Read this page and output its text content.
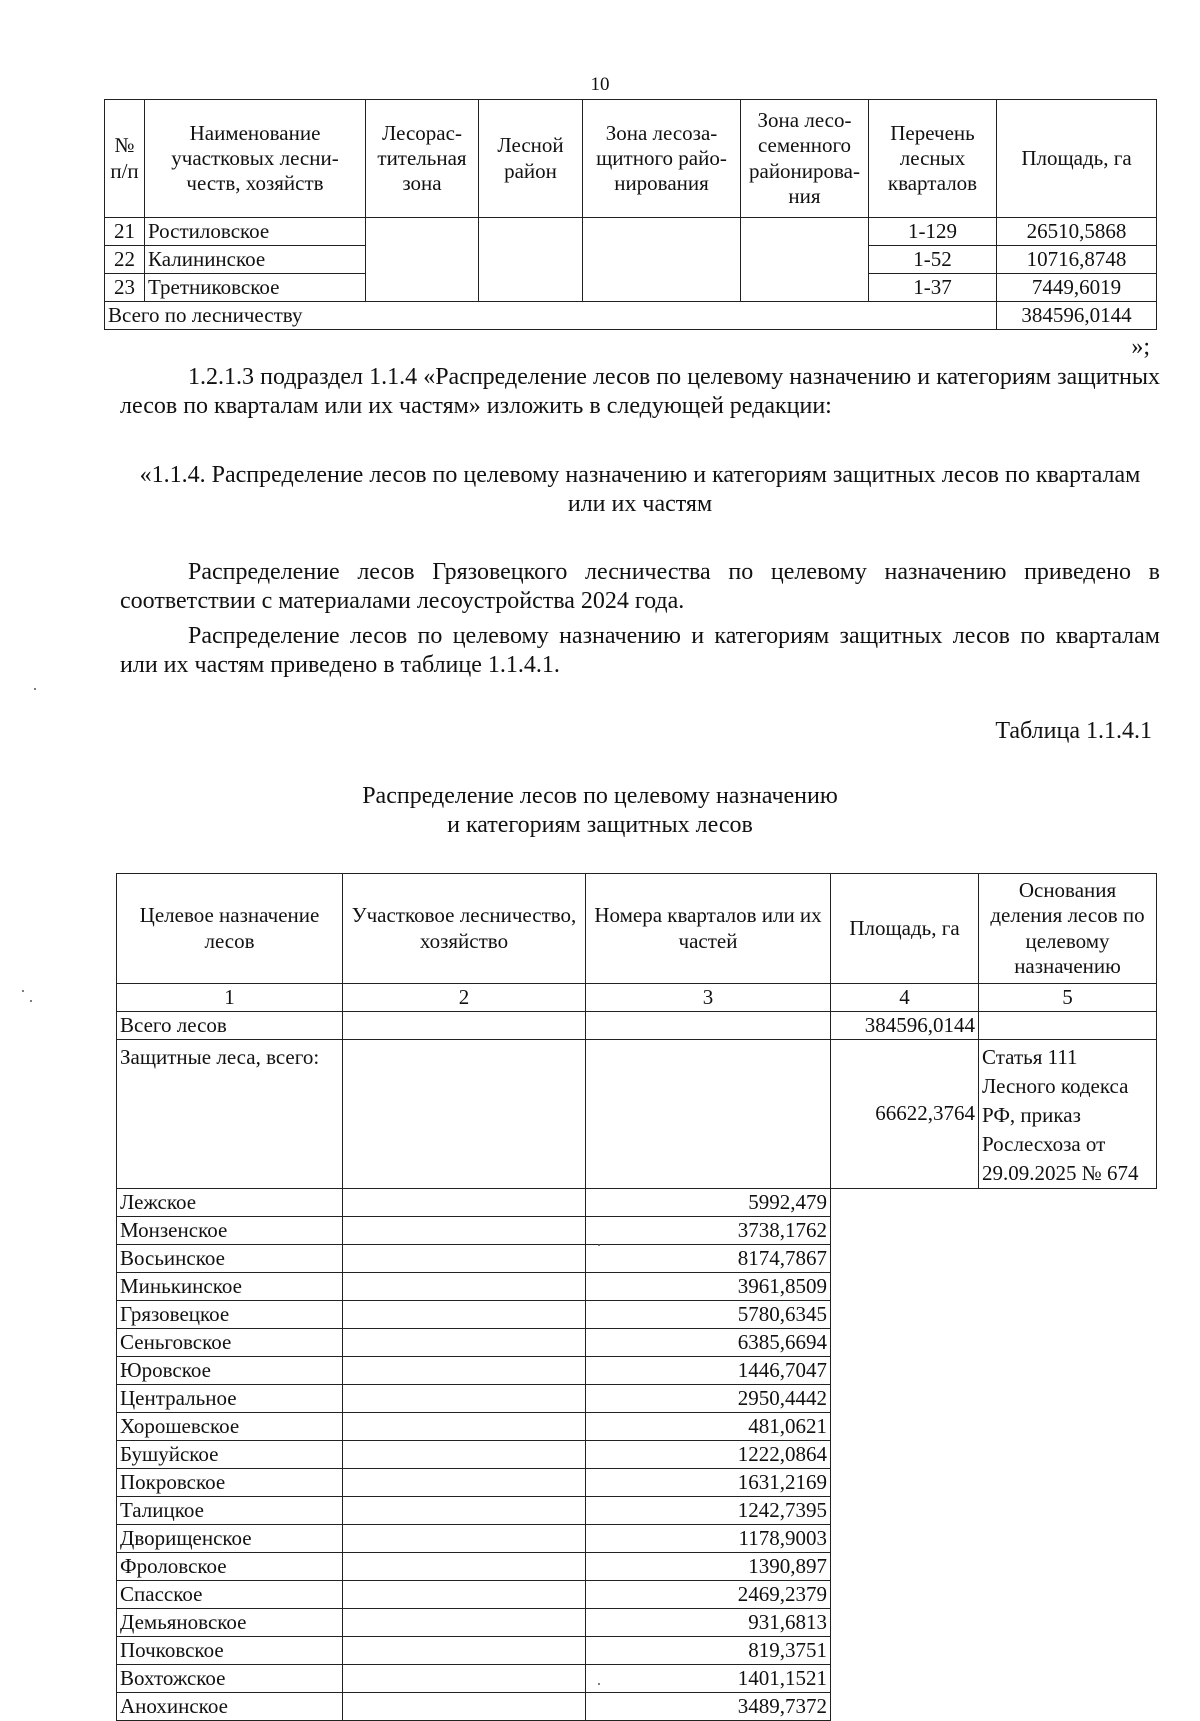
10
№ п/п	Наименование участковых лесни-честв, хозяйств	Лесорас-тительная зона	Лесной район	Зона лесоза-щитного райо-нирования	Зона лесо-семенного районирова-ния	Перечень лесных кварталов	Площадь, га
21	Ростиловское					1-129	26510,5868
22	Калининское					1-52	10716,8748
23	Третниковское					1-37	7449,6019
Всего по лесничеству							384596,0144
»;
1.2.1.3 подраздел 1.1.4 «Распределение лесов по целевому назначению и категориям защитных лесов по кварталам или их частям» изложить в следующей редакции:
«1.1.4. Распределение лесов по целевому назначению и категориям защитных лесов по кварталам или их частям
Распределение лесов Грязовецкого лесничества по целевому назначению приведено в соответствии с материалами лесоустройства 2024 года.
Распределение лесов по целевому назначению и категориям защитных лесов по кварталам или их частям приведено в таблице 1.1.4.1.
Таблица 1.1.4.1
Распределение лесов по целевому назначению
и категориям защитных лесов
Целевое назначение лесов	Участковое лесничество, хозяйство	Номера кварталов или их частей	Площадь, га	Основания деления лесов по целевому назначению
1	2	3	4	5
Всего лесов			384596,0144	
Защитные леса, всего:			66622,3764	Статья 111 Лесного кодекса РФ, приказ Рослесхоза от 29.09.2025 № 674
Лежское		5992,479		
Монзенское		3738,1762		
Восьинское		8174,7867		
Минькинское		3961,8509		
Грязовецкое		5780,6345		
Сеньговское		6385,6694		
Юровское		1446,7047		
Центральное		2950,4442		
Хорошевское		481,0621		
Бушуйское		1222,0864		
Покровское		1631,2169		
Талицкое		1242,7395		
Дворищенское		1178,9003		
Фроловское		1390,897		
Спасское		2469,2379		
Демьяновское		931,6813		
Почковское		819,3751		
Вохтожское		1401,1521		
Анохинское		3489,7372		
